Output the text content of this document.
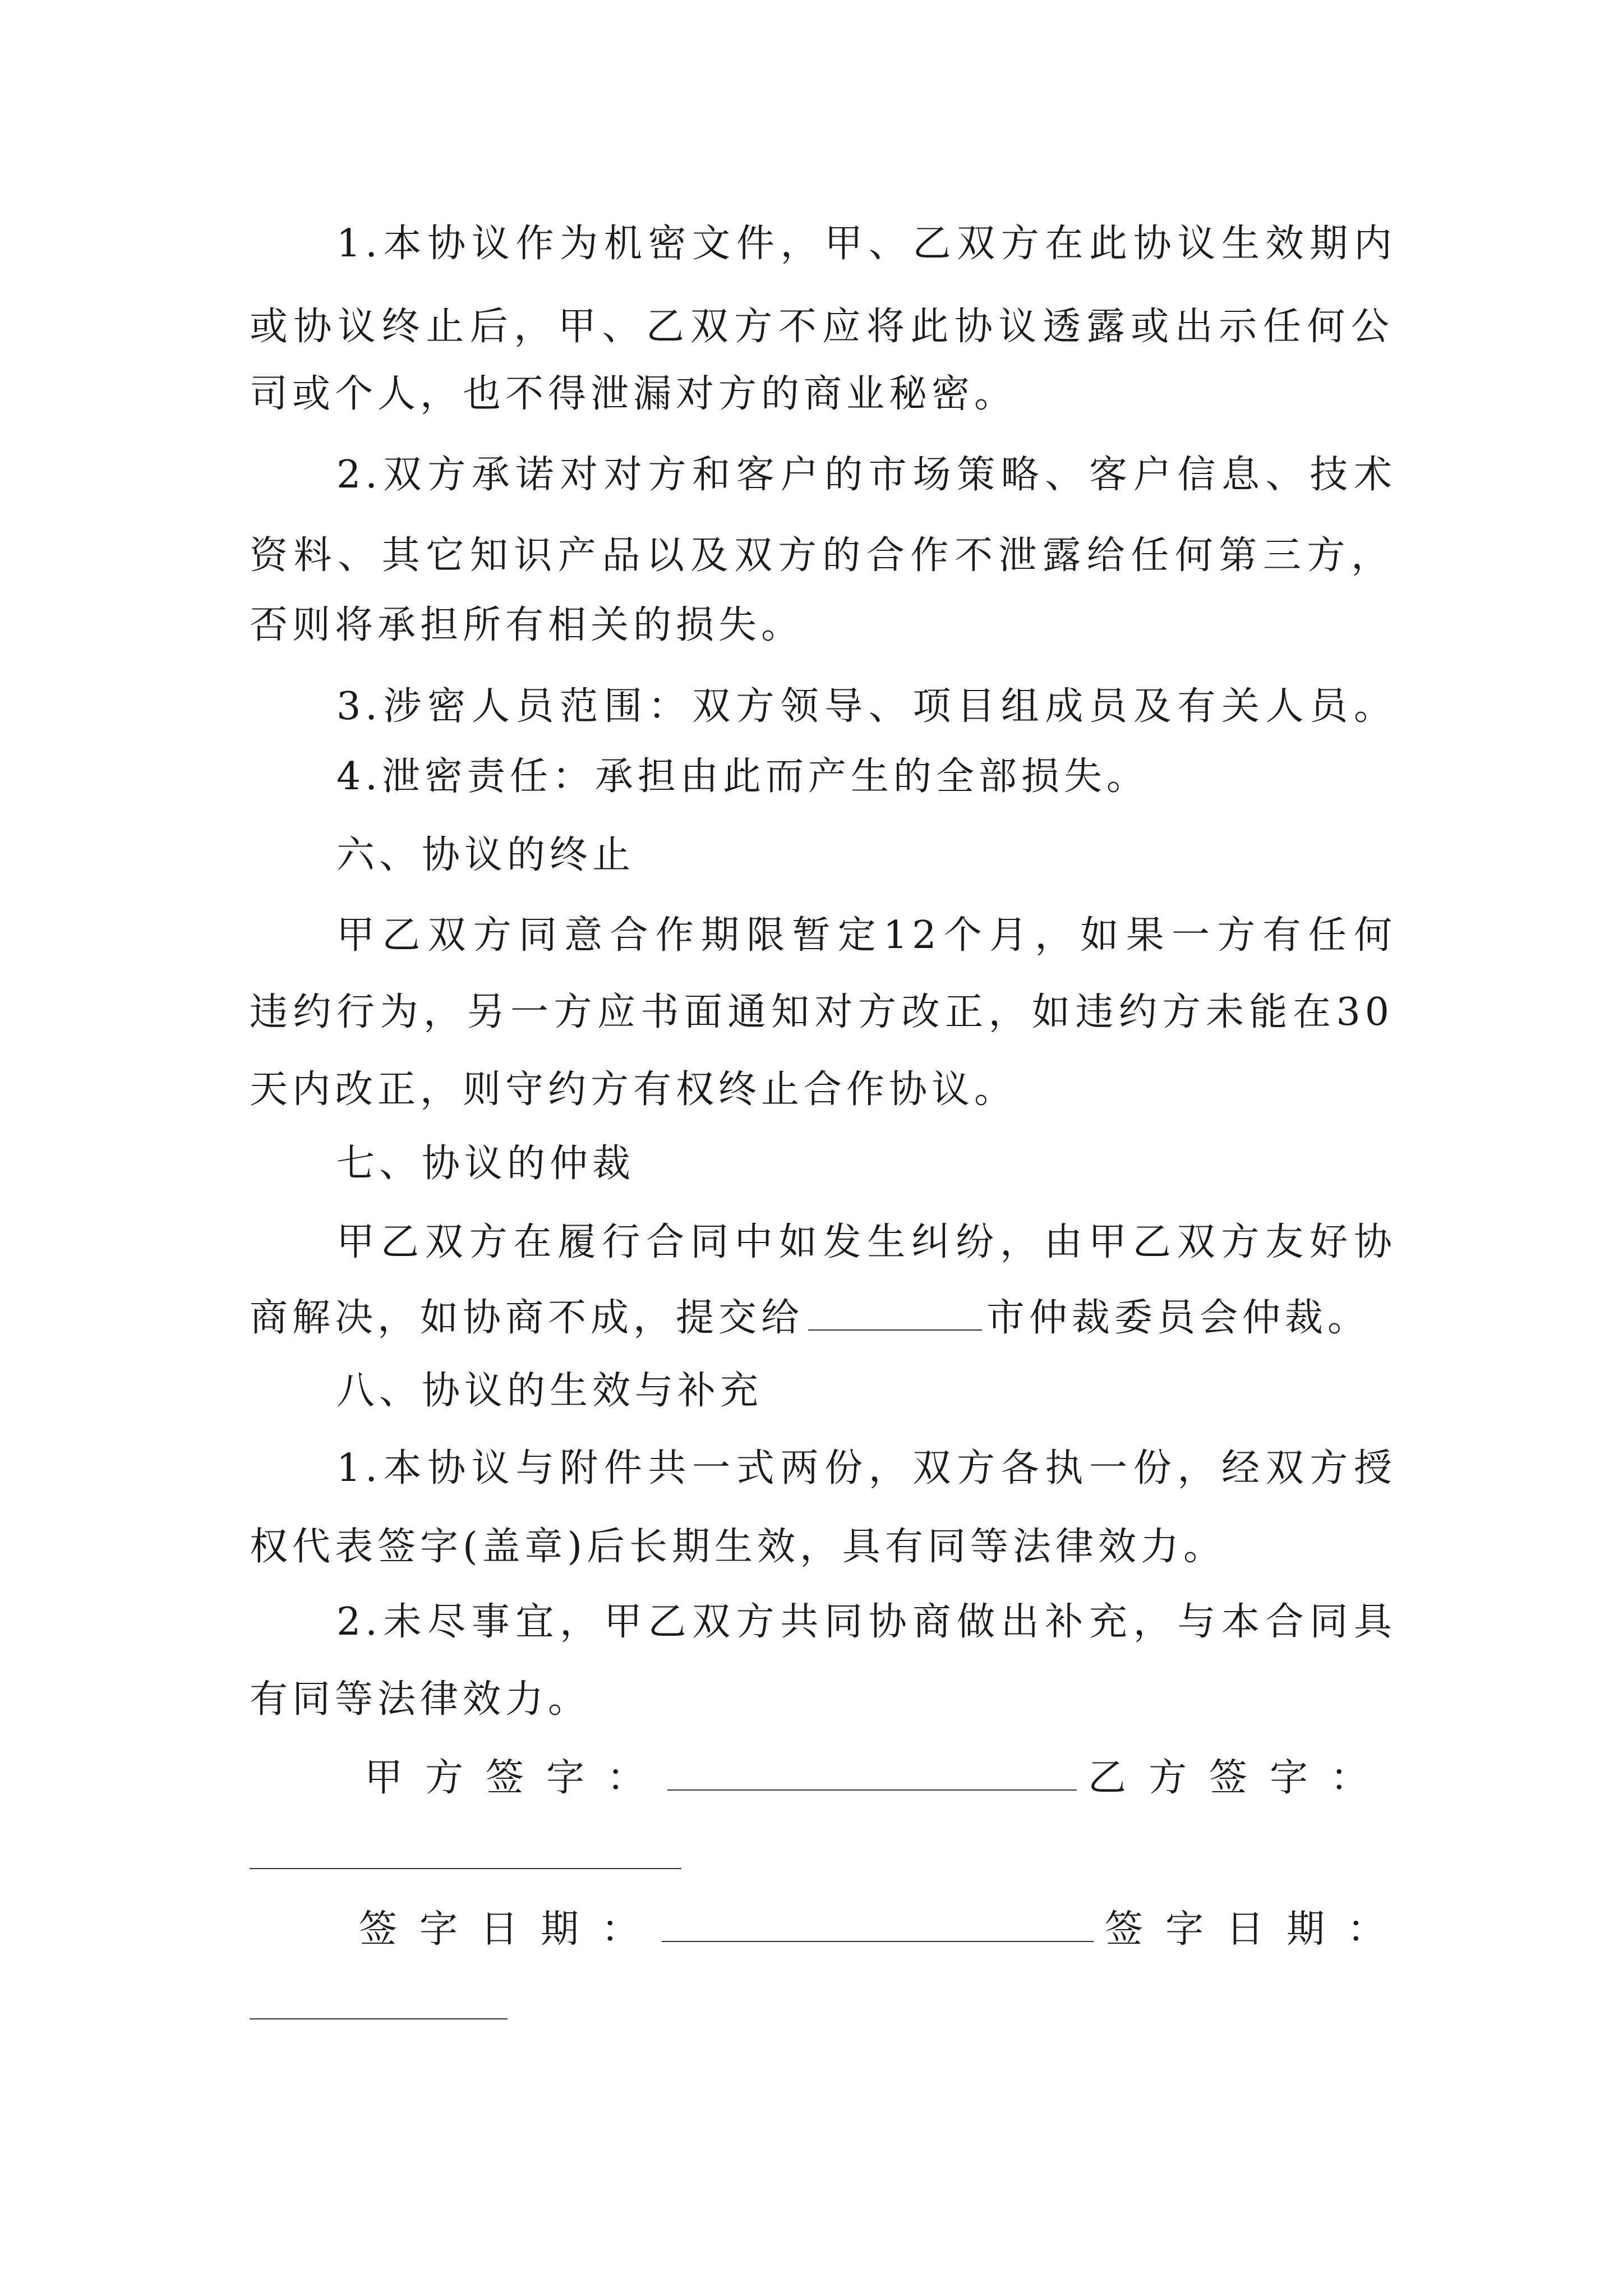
1.本协议作为机密文件，甲、乙双方在此协议生效期内
或协议终止后，甲、乙双方不应将此协议透露或出示任何公
司或个人，也不得泄漏对方的商业秘密。
2.双方承诺对对方和客户的市场策略、客户信息、技术
资料、其它知识产品以及双方的合作不泄露给任何第三方，
否则将承担所有相关的损失。
3.涉密人员范围：双方领导、项目组成员及有关人员。
4.泄密责任：承担由此而产生的全部损失。
六、协议的终止
甲乙双方同意合作期限暂定12个月，如果一方有任何
违约行为，另一方应书面通知对方改正，如违约方未能在30
天内改正，则守约方有权终止合作协议。
七、协议的仲裁
甲乙双方在履行合同中如发生纠纷，由甲乙双方友好协
商解决，如协商不成，提交给	市仲裁委员会仲裁。
八、协议的生效与补充
1.本协议与附件共一式两份，双方各执一份，经双方授
权代表签字(盖章)后长期生效，具有同等法律效力。
2.未尽事宜，甲乙双方共同协商做出补充，与本合同具
有同等法律效力。
甲方签字：	乙方签字：
签字日期：	签字日期：
